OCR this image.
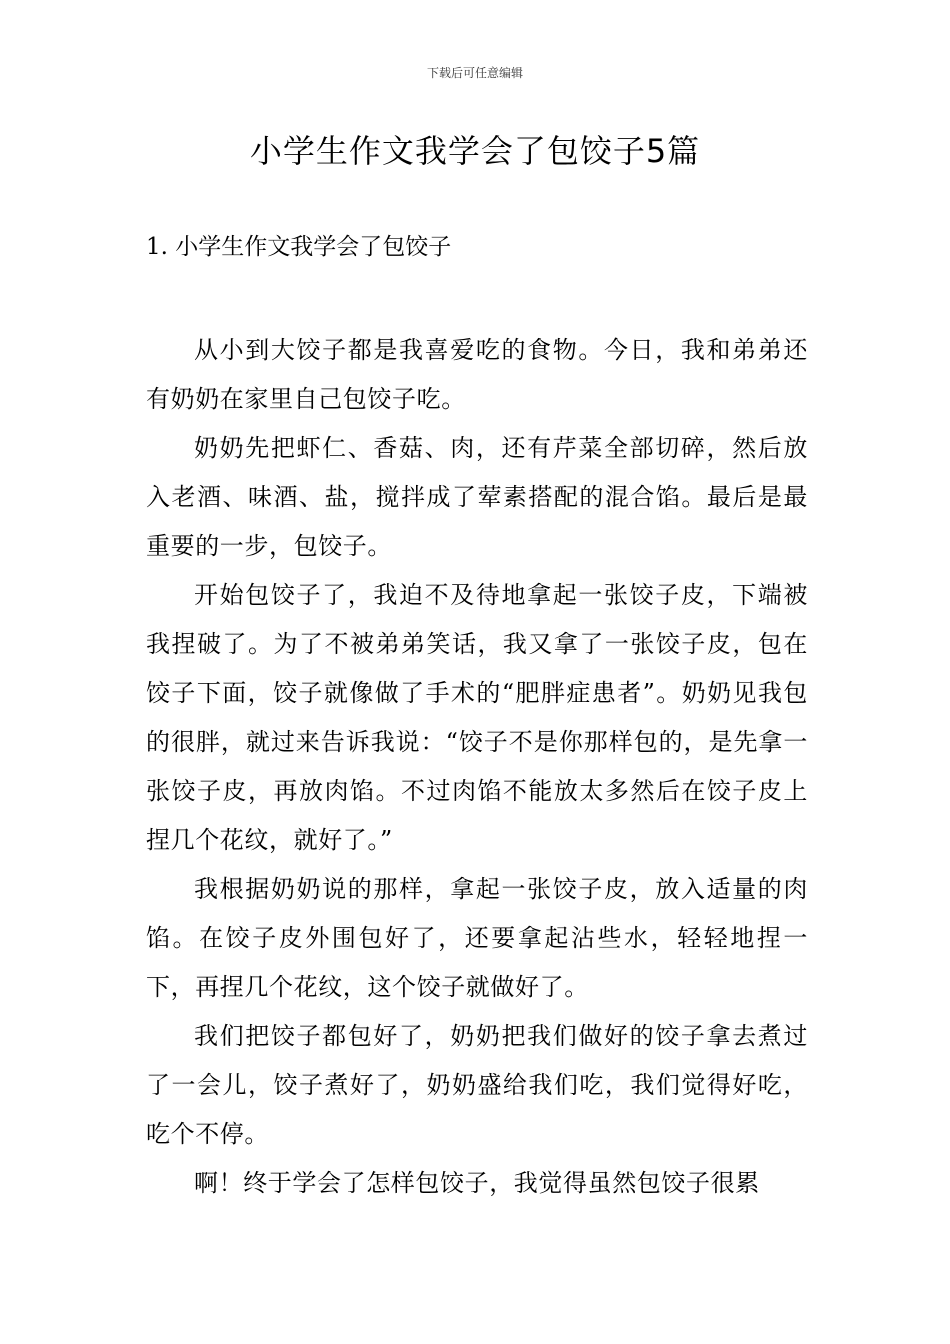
下载后可任意编辑
小学生作文我学会了包饺子5篇
1. 小学生作文我学会了包饺子

从小到大饺子都是我喜爱吃的食物。今日，我和弟弟还有奶奶在家里自己包饺子吃。

奶奶先把虾仁、香菇、肉，还有芹菜全部切碎，然后放入老酒、味酒、盐，搅拌成了荤素搭配的混合馅。最后是最重要的一步，包饺子。

开始包饺子了，我迫不及待地拿起一张饺子皮，下端被我捏破了。为了不被弟弟笑话，我又拿了一张饺子皮，包在饺子下面，饺子就像做了手术的“肥胖症患者”。奶奶见我包的很胖，就过来告诉我说：“饺子不是你那样包的，是先拿一张饺子皮，再放肉馅。不过肉馅不能放太多然后在饺子皮上捏几个花纹，就好了。”

我根据奶奶说的那样，拿起一张饺子皮，放入适量的肉馅。在饺子皮外围包好了，还要拿起沾些水，轻轻地捏一下，再捏几个花纹，这个饺子就做好了。

我们把饺子都包好了，奶奶把我们做好的饺子拿去煮过了一会儿，饺子煮好了，奶奶盛给我们吃，我们觉得好吃，吃个不停。

啊！终于学会了怎样包饺子，我觉得虽然包饺子很累
